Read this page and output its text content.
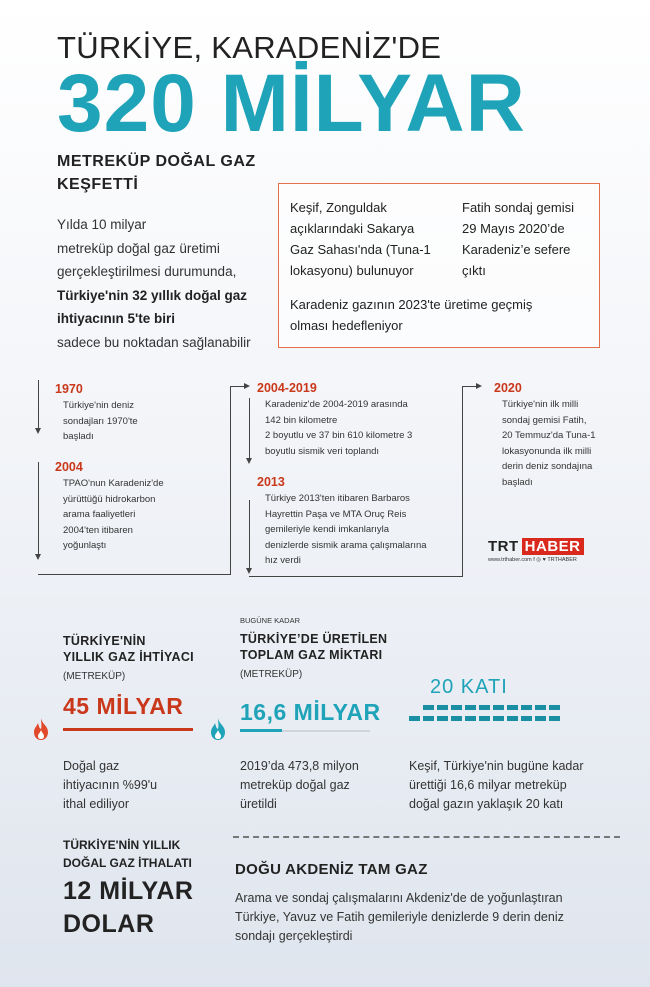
TÜRKİYE, KARADENİZ'DE
320 MİLYAR
METREKÜP DOĞAL GAZ
KEŞFETTİ
Yılda 10 milyar
metreküp doğal gaz üretimi
gerçekleştirilmesi durumunda,
Türkiye'nin 32 yıllık doğal gaz
ihtiyacının 5'te biri
sadece bu noktadan sağlanabilir
Keşif, Zonguldak
açıklarındaki Sakarya
Gaz Sahası'nda (Tuna-1
lokasyonu) bulunuyor
Fatih sondaj gemisi
29 Mayıs 2020’de
Karadeniz’e sefere
çıktı
Karadeniz gazının 2023'te üretime geçmiş
olması hedefleniyor
1970
Türkiye'nin deniz
sondajları 1970'te
başladı
2004
TPAO'nun Karadeniz'de
yürüttüğü hidrokarbon
arama faaliyetleri
2004'ten itibaren
yoğunlaştı
2004-2019
Karadeniz'de 2004-2019 arasında
142 bin kilometre
2 boyutlu ve 37 bin 610 kilometre 3
boyutlu sismik veri toplandı
2013
Türkiye 2013'ten itibaren Barbaros
Hayrettin Paşa ve MTA Oruç Reis
gemileriyle kendi imkanlarıyla
denizlerde sismik arama çalışmalarına
hız verdi
2020
Türkiye'nin ilk milli
sondaj gemisi Fatih,
20 Temmuz'da Tuna-1
lokasyonunda ilk milli
derin deniz sondajına
başladı
TRT HABER
www.trthaber.com f ◎ ♥ TRTHABER
TÜRKİYE'NİN
YILLIK GAZ İHTİYACI
(METREKÜP)
45 MİLYAR
Doğal gaz
ihtiyacının %99'u
ithal ediliyor
BUGÜNE KADAR
TÜRKİYE’DE ÜRETİLEN
TOPLAM GAZ MİKTARI
(METREKÜP)
16,6 MİLYAR
2019’da 473,8 milyon
metreküp doğal gaz
üretildi
20 KATI
Keşif, Türkiye'nin bugüne kadar
ürettiği 16,6 milyar metreküp
doğal gazın yaklaşık 20 katı
TÜRKİYE'NİN YILLIK
DOĞAL GAZ İTHALATI
12 MİLYAR
DOLAR
DOĞU AKDENİZ TAM GAZ
Arama ve sondaj çalışmalarını Akdeniz'de de yoğunlaştıran
Türkiye, Yavuz ve Fatih gemileriyle denizlerde 9 derin deniz
sondajı gerçekleştirdi
